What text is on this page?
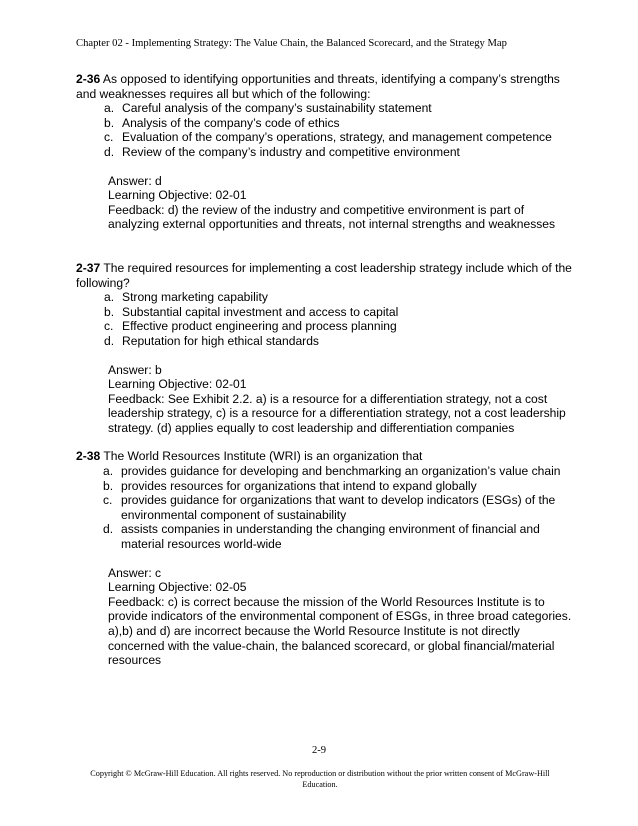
Chapter 02 - Implementing Strategy: The Value Chain, the Balanced Scorecard, and the Strategy Map

2-36 As opposed to identifying opportunities and threats, identifying a company’s strengths and weaknesses requires all but which of the following:

a. Careful analysis of the company’s sustainability statement
b. Analysis of the company’s code of ethics
c. Evaluation of the company’s operations, strategy, and management competence
d. Review of the company’s industry and competitive environment
Answer: d
Learning Objective: 02-01
Feedback: d) the review of the industry and competitive environment is part of analyzing external opportunities and threats, not internal strengths and weaknesses

2-37 The required resources for implementing a cost leadership strategy include which of the following?

a. Strong marketing capability
b. Substantial capital investment and access to capital
c. Effective product engineering and process planning
d. Reputation for high ethical standards
Answer: b
Learning Objective: 02-01
Feedback: See Exhibit 2.2. a) is a resource for a differentiation strategy, not a cost leadership strategy, c) is a resource for a differentiation strategy, not a cost leadership strategy. (d) applies equally to cost leadership and differentiation companies

2-38 The World Resources Institute (WRI) is an organization that

a. provides guidance for developing and benchmarking an organization’s value chain
b. provides resources for organizations that intend to expand globally
c. provides guidance for organizations that want to develop indicators (ESGs) of the environmental component of sustainability
d. assists companies in understanding the changing environment of financial and material resources world-wide
Answer: c
Learning Objective: 02-05
Feedback: c) is correct because the mission of the World Resources Institute is to provide indicators of the environmental component of ESGs, in three broad categories. a),b) and d) are incorrect because the World Resource Institute is not directly concerned with the value-chain, the balanced scorecard, or global financial/material resources
2-9
Copyright © McGraw-Hill Education. All rights reserved. No reproduction or distribution without the prior written consent of McGraw-Hill Education.
